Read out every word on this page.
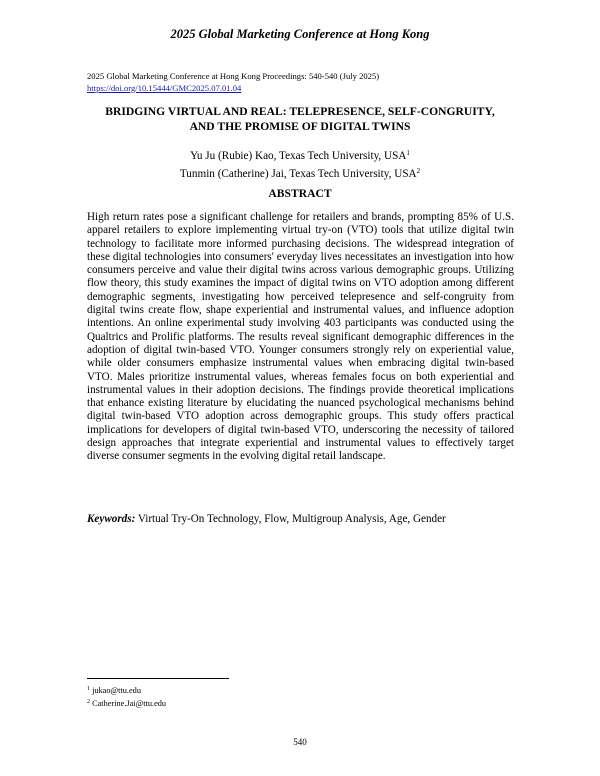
2025 Global Marketing Conference at Hong Kong
2025 Global Marketing Conference at Hong Kong Proceedings: 540-540 (July 2025)
https://doi.org/10.15444/GMC2025.07.01.04
BRIDGING VIRTUAL AND REAL: TELEPRESENCE, SELF-CONGRUITY,
AND THE PROMISE OF DIGITAL TWINS
Yu Ju (Rubie) Kao, Texas Tech University, USA$^1$
Tunmin (Catherine) Jai, Texas Tech University, USA$^2$
ABSTRACT

High return rates pose a significant challenge for retailers and brands, prompting 85% of U.S. apparel retailers to explore implementing virtual try-on (VTO) tools that utilize digital twin technology to facilitate more informed purchasing decisions. The widespread integration of these digital technologies into consumers' everyday lives necessitates an investigation into how consumers perceive and value their digital twins across various demographic groups. Utilizing flow theory, this study examines the impact of digital twins on VTO adoption among different demographic segments, investigating how perceived telepresence and self-congruity from digital twins create flow, shape experiential and instrumental values, and influence adoption intentions. An online experimental study involving 403 participants was conducted using the Qualtrics and Prolific platforms. The results reveal significant demographic differences in the adoption of digital twin-based VTO. Younger consumers strongly rely on experiential value, while older consumers emphasize instrumental values when embracing digital twin-based VTO. Males prioritize instrumental values, whereas females focus on both experiential and instrumental values in their adoption decisions. The findings provide theoretical implications that enhance existing literature by elucidating the nuanced psychological mechanisms behind digital twin-based VTO adoption across demographic groups. This study offers practical implications for developers of digital twin-based VTO, underscoring the necessity of tailored design approaches that integrate experiential and instrumental values to effectively target diverse consumer segments in the evolving digital retail landscape.

Keywords: Virtual Try-On Technology, Flow, Multigroup Analysis, Age, Gender
$^1$ jukao@ttu.edu
$^2$ Catherine.Jai@ttu.edu
540
